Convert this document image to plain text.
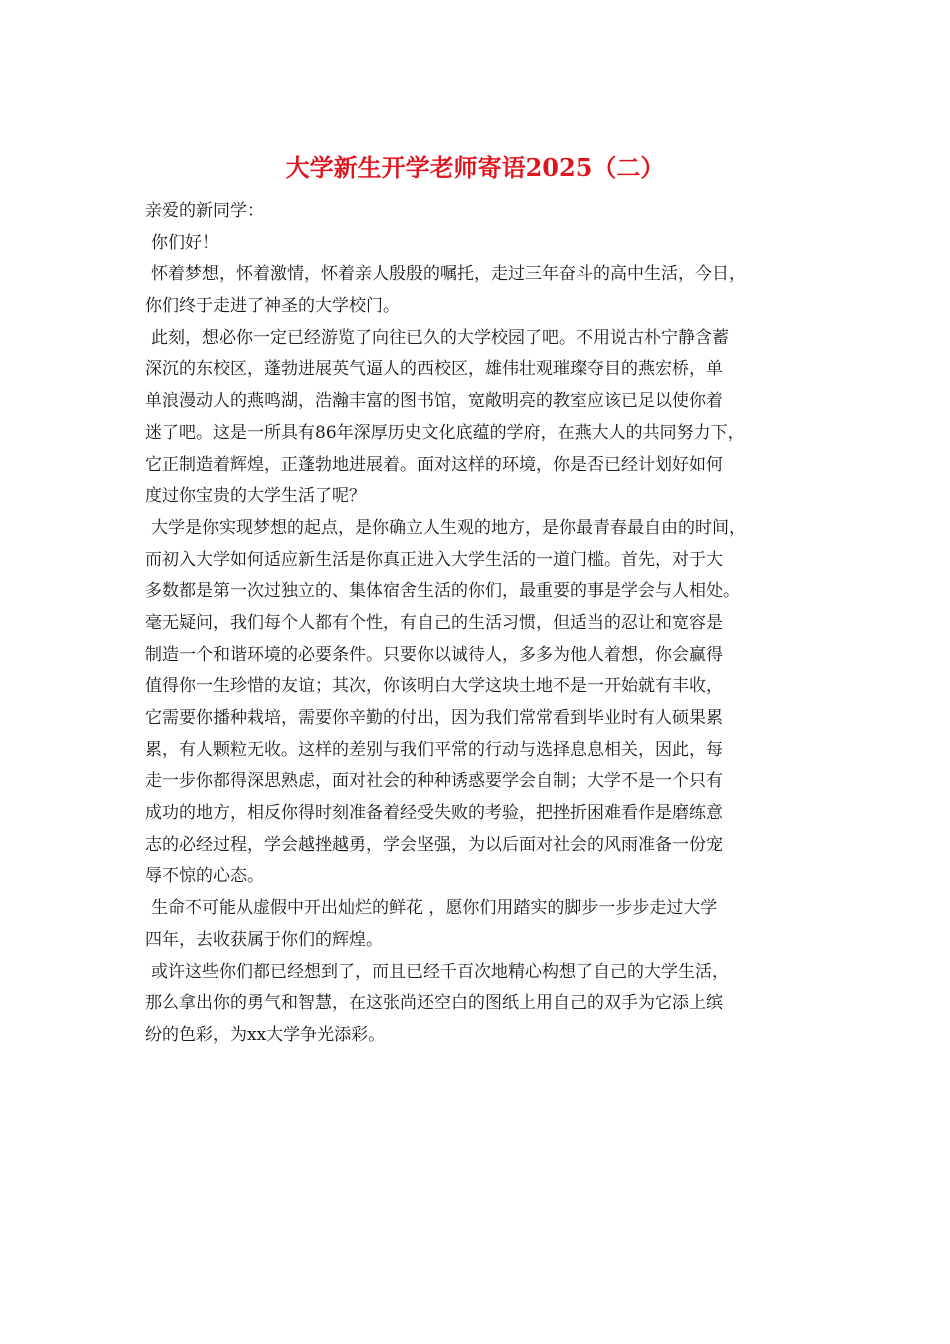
大学新生开学老师寄语2025（二）
亲爱的新同学：
你们好！
怀着梦想，怀着激情，怀着亲人殷殷的嘱托，走过三年奋斗的高中生活，今日，
你们终于走进了神圣的大学校门。
此刻，想必你一定已经游览了向往已久的大学校园了吧。不用说古朴宁静含蓄
深沉的东校区，蓬勃进展英气逼人的西校区，雄伟壮观璀璨夺目的燕宏桥，单
单浪漫动人的燕鸣湖，浩瀚丰富的图书馆，宽敞明亮的教室应该已足以使你着
迷了吧。这是一所具有86年深厚历史文化底蕴的学府，在燕大人的共同努力下，
它正制造着辉煌，正蓬勃地进展着。面对这样的环境，你是否已经计划好如何
度过你宝贵的大学生活了呢？
大学是你实现梦想的起点，是你确立人生观的地方，是你最青春最自由的时间，
而初入大学如何适应新生活是你真正进入大学生活的一道门槛。首先，对于大
多数都是第一次过独立的、集体宿舍生活的你们，最重要的事是学会与人相处。
毫无疑问，我们每个人都有个性，有自己的生活习惯，但适当的忍让和宽容是
制造一个和谐环境的必要条件。只要你以诚待人，多多为他人着想，你会赢得
值得你一生珍惜的友谊；其次，你该明白大学这块土地不是一开始就有丰收，
它需要你播种栽培，需要你辛勤的付出，因为我们常常看到毕业时有人硕果累
累，有人颗粒无收。这样的差别与我们平常的行动与选择息息相关，因此，每
走一步你都得深思熟虑，面对社会的种种诱惑要学会自制；大学不是一个只有
成功的地方，相反你得时刻准备着经受失败的考验，把挫折困难看作是磨练意
志的必经过程，学会越挫越勇，学会坚强，为以后面对社会的风雨准备一份宠
辱不惊的心态。
生命不可能从虚假中开出灿烂的鲜花 ，愿你们用踏实的脚步一步步走过大学
四年，去收获属于你们的辉煌。
或许这些你们都已经想到了，而且已经千百次地精心构想了自己的大学生活，
那么拿出你的勇气和智慧，在这张尚还空白的图纸上用自己的双手为它添上缤
纷的色彩，为xx大学争光添彩。
